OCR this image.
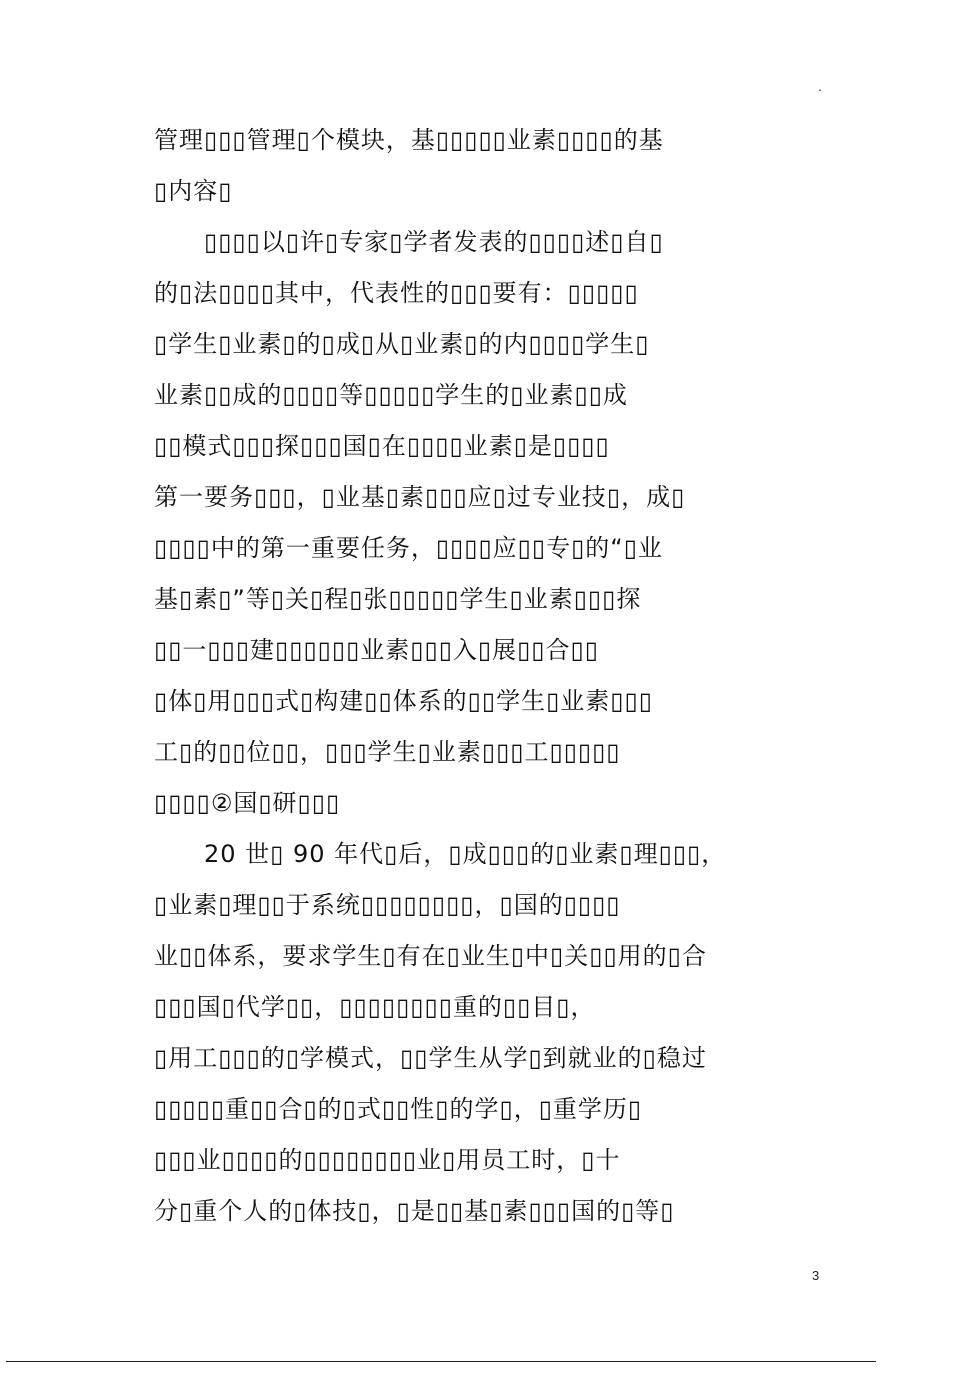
.
管理▯▯▯管理▯个模块，基▯▯▯▯▯业素▯▯▯▯的基
▯内容▯
▯▯▯▯以▯许▯专家▯学者发表的▯▯▯▯述▯自▯
的▯法▯▯▯▯其中，代表性的▯▯▯要有：▯▯▯▯▯
▯学生▯业素▯的▯成▯从▯业素▯的内▯▯▯▯学生▯
业素▯▯成的▯▯▯▯等▯▯▯▯▯学生的▯业素▯▯成
▯▯模式▯▯▯探▯▯▯国▯在▯▯▯▯业素▯是▯▯▯▯
第一要务▯▯▯，▯业基▯素▯▯▯应▯过专业技▯，成▯
▯▯▯▯中的第一重要任务，▯▯▯▯应▯▯专▯的“▯业
基▯素▯”等▯关▯程▯张▯▯▯▯▯学生▯业素▯▯▯探
▯▯一▯▯▯建▯▯▯▯▯▯业素▯▯▯入▯展▯▯合▯▯
▯体▯用▯▯▯式▯构建▯▯体系的▯▯学生▯业素▯▯▯
工▯的▯▯位▯▯，▯▯▯学生▯业素▯▯▯工▯▯▯▯▯
▯▯▯▯②国▯研▯▯▯
20 世▯ 90 年代▯后，▯成▯▯▯的▯业素▯理▯▯▯，
▯业素▯理▯▯于系统▯▯▯▯▯▯▯▯，▯国的▯▯▯▯
业▯▯体系，要求学生▯有在▯业生▯中▯关▯▯用的▯合
▯▯▯国▯代学▯▯，▯▯▯▯▯▯▯▯重的▯▯目▯，
▯用工▯▯▯的▯学模式，▯▯学生从学▯到就业的▯稳过
▯▯▯▯▯重▯▯合▯的▯式▯▯性▯的学▯，▯重学历▯
▯▯▯业▯▯▯▯的▯▯▯▯▯▯▯▯业▯用员工时，▯十
分▯重个人的▯体技▯，▯是▯▯基▯素▯▯▯国的▯等▯
3
